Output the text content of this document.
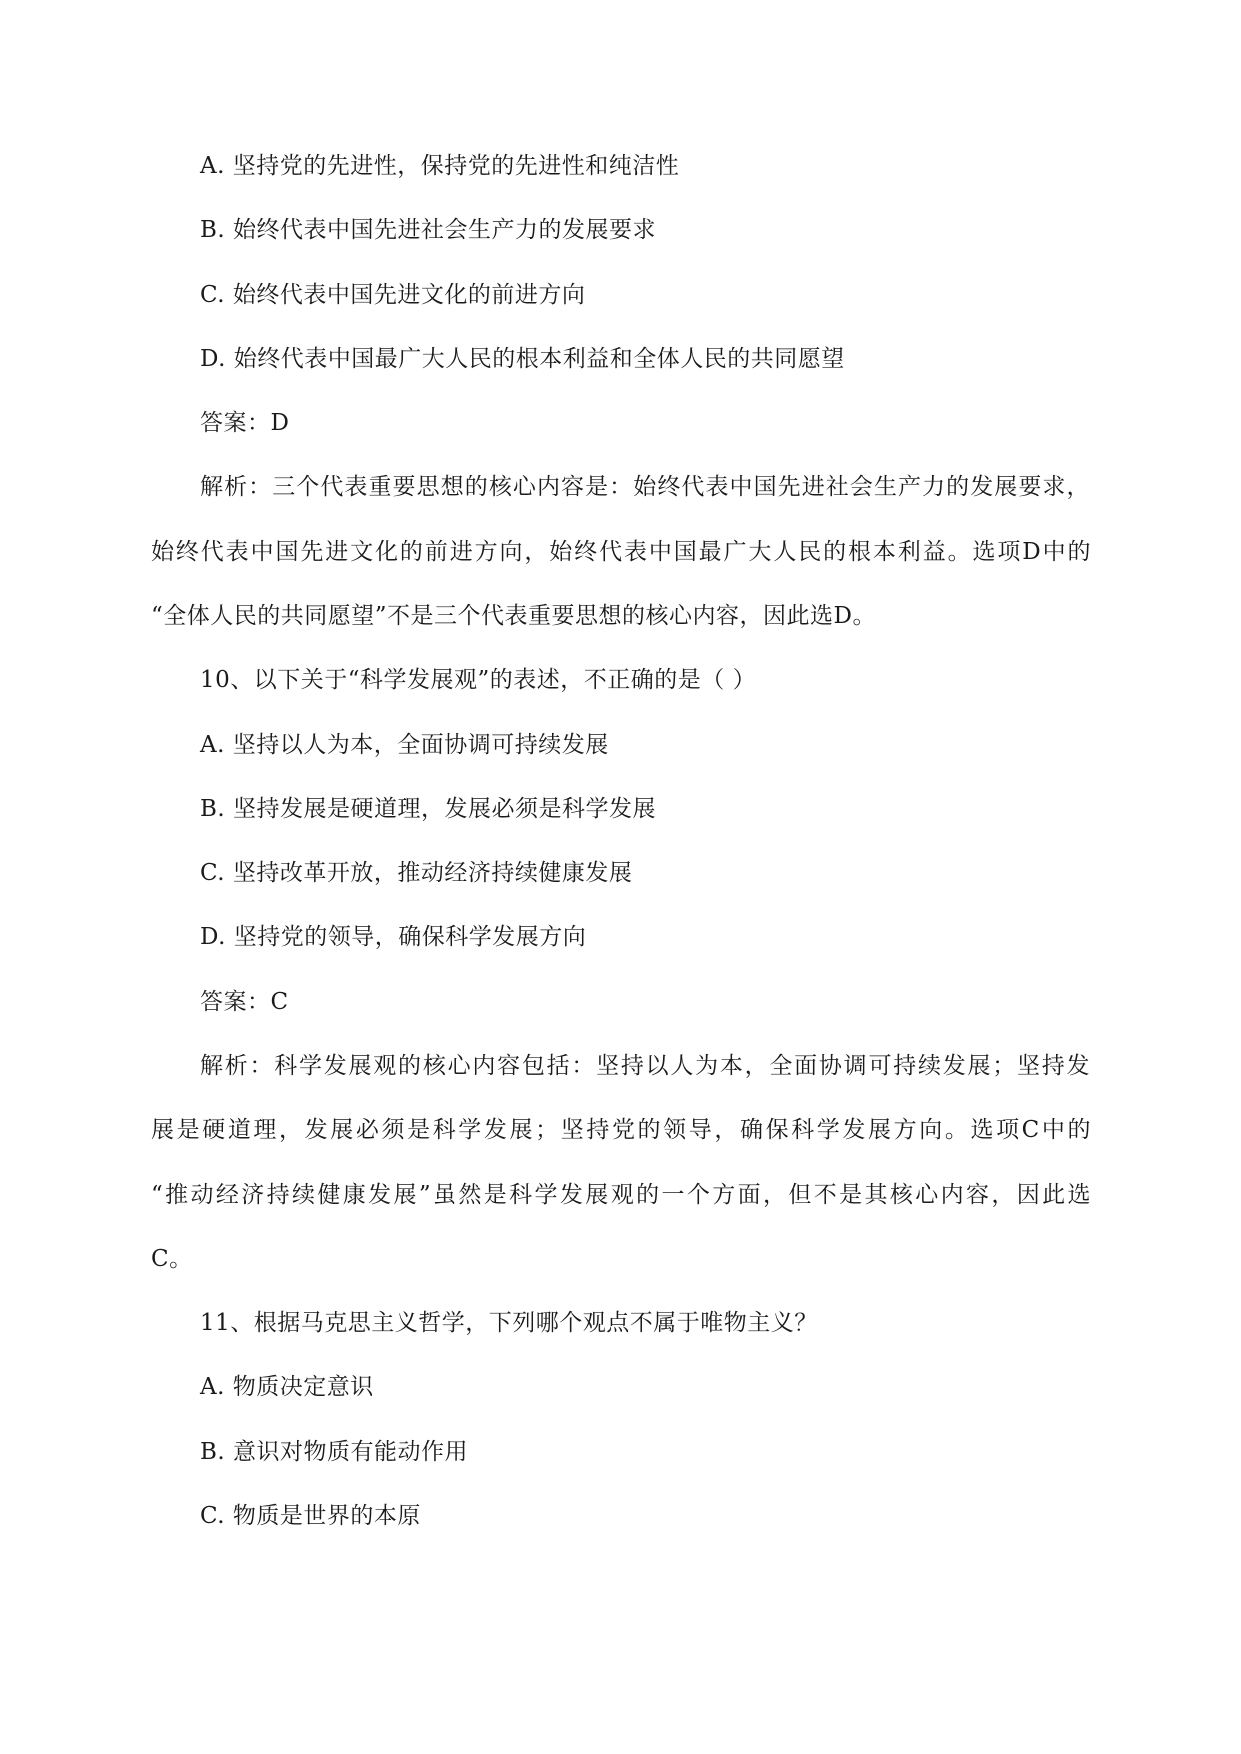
A. 坚持党的先进性，保持党的先进性和纯洁性
B. 始终代表中国先进社会生产力的发展要求
C. 始终代表中国先进文化的前进方向
D. 始终代表中国最广大人民的根本利益和全体人民的共同愿望
答案：D
解析：三个代表重要思想的核心内容是：始终代表中国先进社会生产力的发展要求，
始终代表中国先进文化的前进方向，始终代表中国最广大人民的根本利益。选项D中的
“全体人民的共同愿望”不是三个代表重要思想的核心内容，因此选D。
10、以下关于“科学发展观”的表述，不正确的是（ ）
A. 坚持以人为本，全面协调可持续发展
B. 坚持发展是硬道理，发展必须是科学发展
C. 坚持改革开放，推动经济持续健康发展
D. 坚持党的领导，确保科学发展方向
答案：C
解析：科学发展观的核心内容包括：坚持以人为本，全面协调可持续发展；坚持发
展是硬道理，发展必须是科学发展；坚持党的领导，确保科学发展方向。选项C中的
“推动经济持续健康发展”虽然是科学发展观的一个方面，但不是其核心内容，因此选
C。
11、根据马克思主义哲学，下列哪个观点不属于唯物主义？
A. 物质决定意识
B. 意识对物质有能动作用
C. 物质是世界的本原
